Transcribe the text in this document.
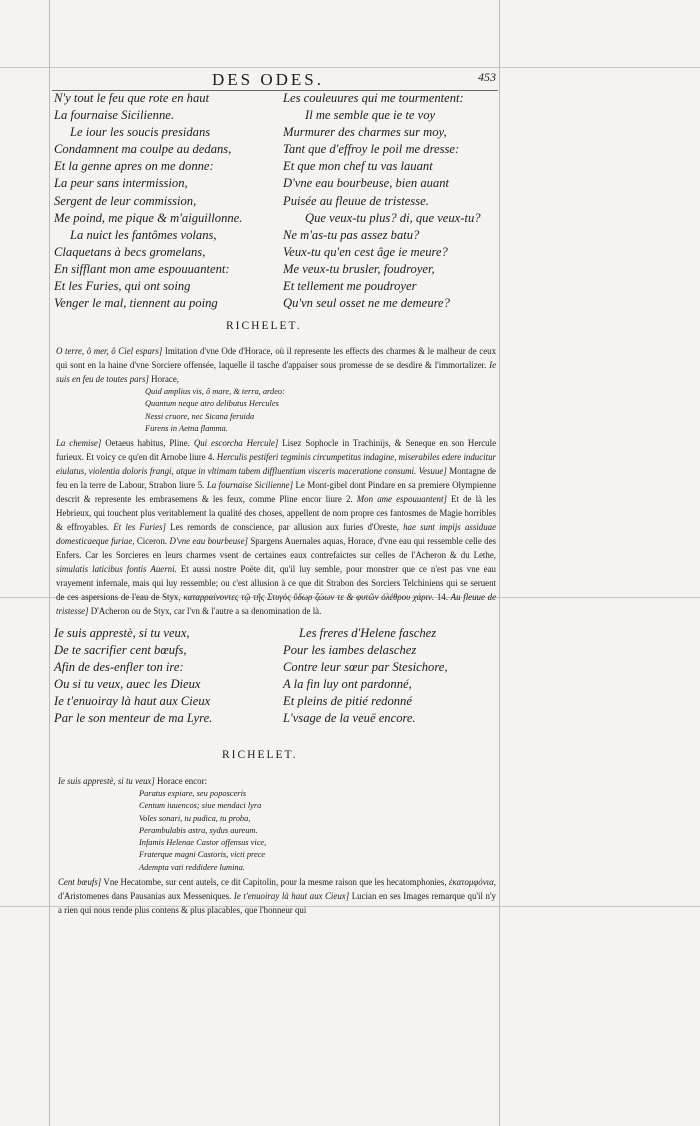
DES ODES.	453
N'y tout le feu que rote en haut
La fournaise Sicilienne.
Le iour les soucis presidans
Condamnent ma coulpe au dedans,
Et la genne apres on me donne:
La peur sans intermission,
Sergent de leur commission,
Me poind, me pique & m'aiguillonne.
La nuict les fantômes volans,
Claquetans à becs gromelans,
En sifflant mon ame espouuantent:
Et les Furies, qui ont soing
Venger le mal, tiennent au poing
Les couleuures qui me tourmentent:
Il me semble que ie te voy
Murmurer des charmes sur moy,
Tant que d'effroy le poil me dresse:
Et que mon chef tu vas lauant
D'vne eau bourbeuse, bien auant
Puisée au fleuue de tristesse.
Que veux-tu plus? di, que veux-tu?
Ne m'as-tu pas assez batu?
Veux-tu qu'en cest âge ie meure?
Me veux-tu brusler, foudroyer,
Et tellement me poudroyer
Qu'vn seul osset ne me demeure?
RICHELET.

O terre, ô mer, ô Ciel espars] Imitation d'vne Ode d'Horace, où il represente les effects des charmes & le malheur de ceux qui sont en la haine d'vne Sorciere offensée, laquelle il tasche d'appaiser sous promesse de se desdire & l'immortalizer. Ie suis en feu de toutes pars] Horace,

Quid amplius vis, ô mare, & terra, ardeo:
Quantum neque atro delibutus Hercules
Nessi cruore, nec Sicana feruida
Furens in Aetna flamma.

La chemise] Oetaeus habitus, Pline. Qui escorcha Hercule] Lisez Sophocle in Trachinijs, & Seneque en son Hercule furieux. Et voicy ce qu'en dit Arnobe liure 4. Herculis pestiferi tegminis circumpetitus indagine, miserabiles edere inducitur eiulatus, violentia doloris frangi, atque in vltimam tabem diffluentium visceris maceratione consumi. Vesuue] Montagne de feu en la terre de Labour, Strabon liure 5. La fournaise Sicilienne] Le Mont-gibel dont Pindare en sa premiere Olympienne descrit & represente les embrasemens & les feux, comme Pline encor liure 2. Mon ame espouuantent] Et de là les Hebrieux, qui touchent plus veritablement la qualité des choses, appellent de nom propre ces fantosmes de Magie horribles & effroyables. Et les Furies] Les remords de conscience, par allusion aux furies d'Oreste, hae sunt impijs assiduae domesticaeque furiae, Ciceron. D'vne eau bourbeuse] Spargens Auernales aquas, Horace, d'vne eau qui ressemble celle des Enfers. Car les Sorcieres en leurs charmes vsent de certaines eaux contrefaictes sur celles de l'Acheron & du Lethe, simulatis laticibus fontis Auerni. Et aussi nostre Poëte dit, qu'il luy semble, pour monstrer que ce n'est pas vne eau vrayement infernale, mais qui luy ressemble; ou c'est allusion à ce que dit Strabon des Sorciers Telchiniens qui se seruent de ces aspersions de l'eau de Styx, καταρραίνοντες τῷ τῆς Στυγὸς ὕδωρ ζώων τε & φυτῶν ὀλέθρου χάριν. 14. Au fleuue de tristesse] D'Acheron ou de Styx, car l'vn & l'autre a sa denomination de là.

Ie suis apprestè, si tu veux,
De te sacrifier cent bœufs,
Afin de des-enfler ton ire:
Ou si tu veux, auec les Dieux
Ie t'enuoiray là haut aux Cieux
Par le son menteur de ma Lyre.
Les freres d'Helene faschez
Pour les iambes delaschez
Contre leur sœur par Stesichore,
A la fin luy ont pardonné,
Et pleins de pitié redonné
L'vsage de la veuë encore.
RICHELET.

Ie suis apprestè, si tu veux] Horace encor:

Paratus expiare, seu poposceris
Centum iuuencos; siue mendaci lyra
Voles sonari, tu pudica, tu proba,
Perambulabis astra, sydus aureum.
Infamis Helenae Castor offensus vice,
Fraterque magni Castoris, victi prece
Adempta vati reddidere lumina.

Cent bœufs] Vne Hecatombe, sur cent autels, ce dit Capitolin, pour la mesme raison que les hecatomphonies, ἑκατομφόνια, d'Aristomenes dans Pausanias aux Messeniques. Ie t'enuoiray là haut aux Cieux] Lucian en ses Images remarque qu'il n'y a rien qui nous rende plus contens & plus placables, que l'honneur qui
